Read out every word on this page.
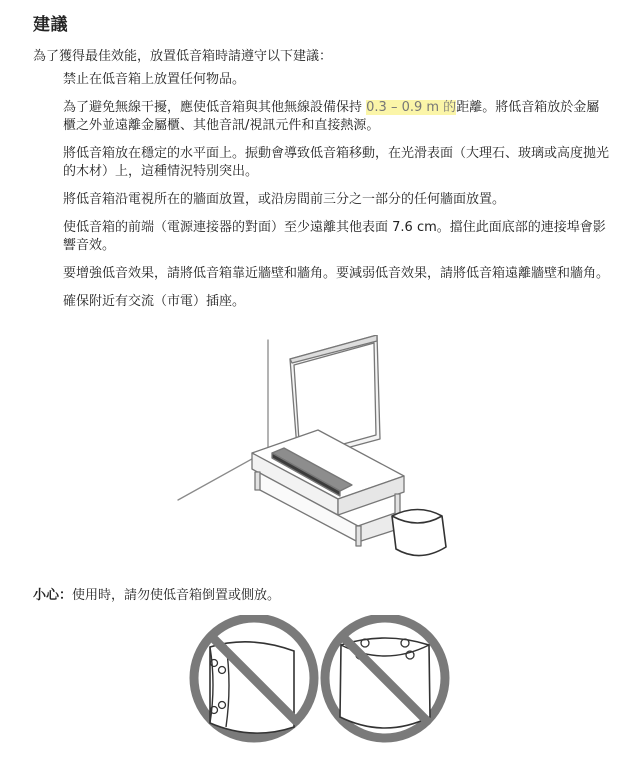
建議

為了獲得最佳效能，放置低音箱時請遵守以下建議：

禁止在低音箱上放置任何物品。
為了避免無線干擾，應使低音箱與其他無線設備保持 0.3 – 0.9 m 的距離。將低音箱放於金屬櫃之外並遠離金屬櫃、其他音訊/視訊元件和直接熱源。
將低音箱放在穩定的水平面上。振動會導致低音箱移動，在光滑表面（大理石、玻璃或高度拋光的木材）上，這種情況特別突出。
將低音箱沿電視所在的牆面放置，或沿房間前三分之一部分的任何牆面放置。
使低音箱的前端（電源連接器的對面）至少遠離其他表面 7.6 cm。擋住此面底部的連接埠會影響音效。
要增強低音效果，請將低音箱靠近牆壁和牆角。要減弱低音效果，請將低音箱遠離牆壁和牆角。
確保附近有交流（市電）插座。

小心：使用時，請勿使低音箱倒置或側放。
